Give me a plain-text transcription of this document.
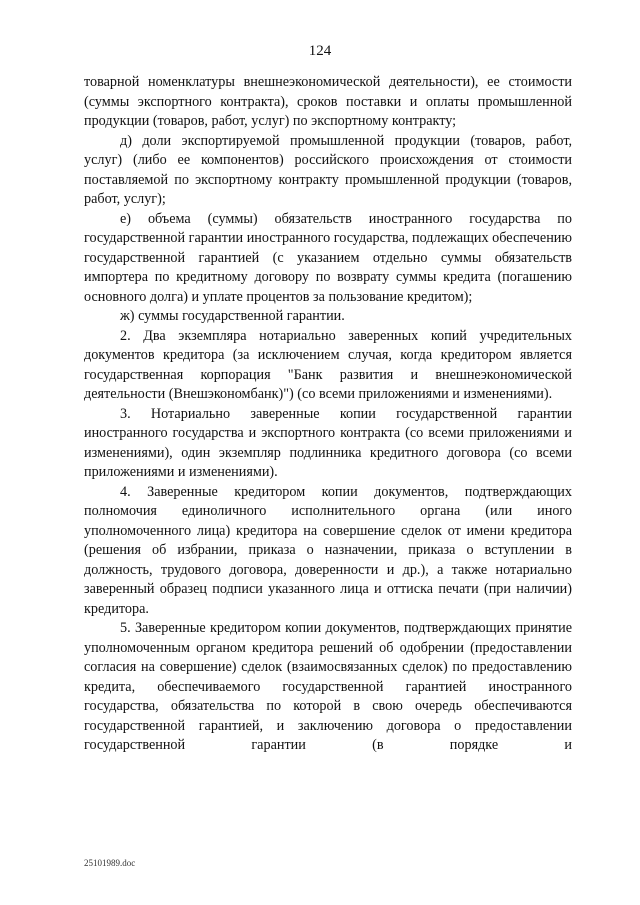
124

товарной номенклатуры внешнеэкономической деятельности), ее стоимости (суммы экспортного контракта), сроков поставки и оплаты промышленной продукции (товаров, работ, услуг) по экспортному контракту;

д) доли экспортируемой промышленной продукции (товаров, работ, услуг) (либо ее компонентов) российского происхождения от стоимости поставляемой по экспортному контракту промышленной продукции (товаров, работ, услуг);

е) объема (суммы) обязательств иностранного государства по государственной гарантии иностранного государства, подлежащих обеспечению государственной гарантией (с указанием отдельно суммы обязательств импортера по кредитному договору по возврату суммы кредита (погашению основного долга) и уплате процентов за пользование кредитом);

ж) суммы государственной гарантии.

2. Два экземпляра нотариально заверенных копий учредительных документов кредитора (за исключением случая, когда кредитором является государственная корпорация "Банк развития и внешнеэкономической деятельности (Внешэкономбанк)") (со всеми приложениями и изменениями).

3. Нотариально заверенные копии государственной гарантии иностранного государства и экспортного контракта (со всеми приложениями и изменениями), один экземпляр подлинника кредитного договора (со всеми приложениями и изменениями).

4. Заверенные кредитором копии документов, подтверждающих полномочия единоличного исполнительного органа (или иного уполномоченного лица) кредитора на совершение сделок от имени кредитора (решения об избрании, приказа о назначении, приказа о вступлении в должность, трудового договора, доверенности и др.), а также нотариально заверенный образец подписи указанного лица и оттиска печати (при наличии) кредитора.

5. Заверенные кредитором копии документов, подтверждающих принятие уполномоченным органом кредитора решений об одобрении (предоставлении согласия на совершение) сделок (взаимосвязанных сделок) по предоставлению кредита, обеспечиваемого государственной гарантией иностранного государства, обязательства по которой в свою очередь обеспечиваются государственной гарантией, и заключению договора о предоставлении государственной гарантии (в порядке и

25101989.doc
